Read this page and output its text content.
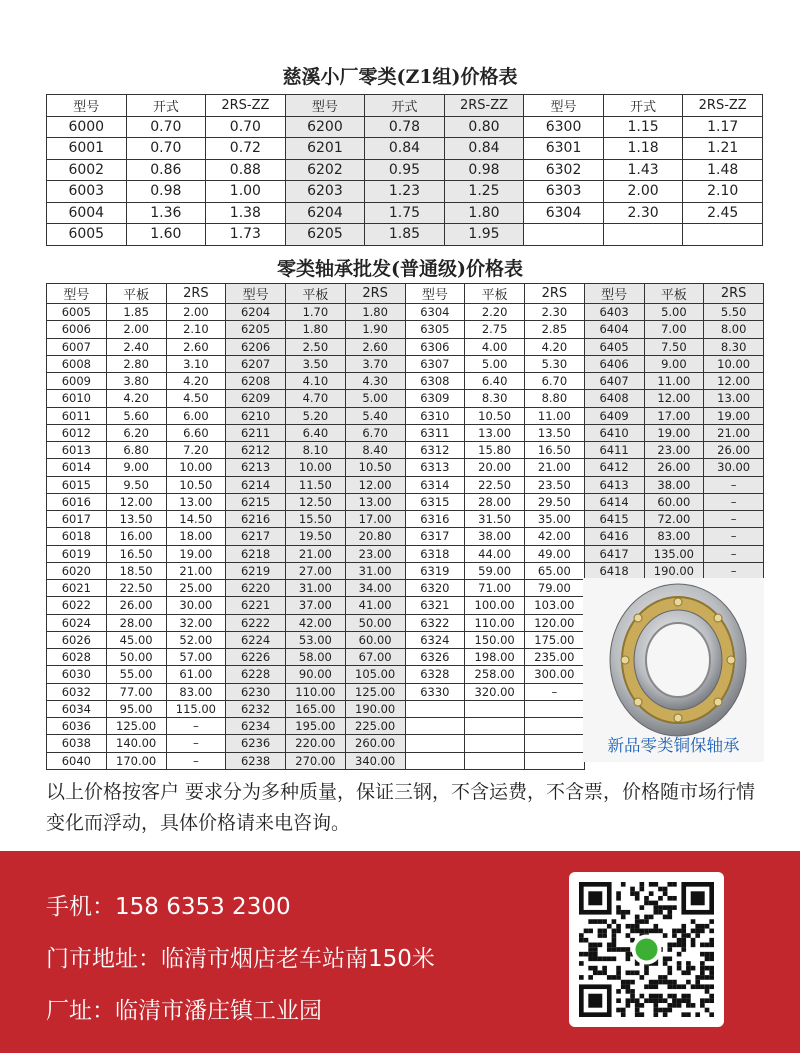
慈溪小厂零类(Z1组)价格表
型号	开式	2RS-ZZ	型号	开式	2RS-ZZ	型号	开式	2RS-ZZ
6000	0.70	0.70	6200	0.78	0.80	6300	1.15	1.17
6001	0.70	0.72	6201	0.84	0.84	6301	1.18	1.21
6002	0.86	0.88	6202	0.95	0.98	6302	1.43	1.48
6003	0.98	1.00	6203	1.23	1.25	6303	2.00	2.10
6004	1.36	1.38	6204	1.75	1.80	6304	2.30	2.45
6005	1.60	1.73	6205	1.85	1.95			
零类轴承批发(普通级)价格表
型号	平板	2RS	型号	平板	2RS	型号	平板	2RS	型号	平板	2RS
6005	1.85	2.00	6204	1.70	1.80	6304	2.20	2.30	6403	5.00	5.50
6006	2.00	2.10	6205	1.80	1.90	6305	2.75	2.85	6404	7.00	8.00
6007	2.40	2.60	6206	2.50	2.60	6306	4.00	4.20	6405	7.50	8.30
6008	2.80	3.10	6207	3.50	3.70	6307	5.00	5.30	6406	9.00	10.00
6009	3.80	4.20	6208	4.10	4.30	6308	6.40	6.70	6407	11.00	12.00
6010	4.20	4.50	6209	4.70	5.00	6309	8.30	8.80	6408	12.00	13.00
6011	5.60	6.00	6210	5.20	5.40	6310	10.50	11.00	6409	17.00	19.00
6012	6.20	6.60	6211	6.40	6.70	6311	13.00	13.50	6410	19.00	21.00
6013	6.80	7.20	6212	8.10	8.40	6312	15.80	16.50	6411	23.00	26.00
6014	9.00	10.00	6213	10.00	10.50	6313	20.00	21.00	6412	26.00	30.00
6015	9.50	10.50	6214	11.50	12.00	6314	22.50	23.50	6413	38.00	–
6016	12.00	13.00	6215	12.50	13.00	6315	28.00	29.50	6414	60.00	–
6017	13.50	14.50	6216	15.50	17.00	6316	31.50	35.00	6415	72.00	–
6018	16.00	18.00	6217	19.50	20.80	6317	38.00	42.00	6416	83.00	–
6019	16.50	19.00	6218	21.00	23.00	6318	44.00	49.00	6417	135.00	–
6020	18.50	21.00	6219	27.00	31.00	6319	59.00	65.00	6418	190.00	–
6021	22.50	25.00	6220	31.00	34.00	6320	71.00	79.00			
6022	26.00	30.00	6221	37.00	41.00	6321	100.00	103.00			
6024	28.00	32.00	6222	42.00	50.00	6322	110.00	120.00			
6026	45.00	52.00	6224	53.00	60.00	6324	150.00	175.00			
6028	50.00	57.00	6226	58.00	67.00	6326	198.00	235.00			
6030	55.00	61.00	6228	90.00	105.00	6328	258.00	300.00			
6032	77.00	83.00	6230	110.00	125.00	6330	320.00	–			
6034	95.00	115.00	6232	165.00	190.00						
6036	125.00	–	6234	195.00	225.00						
6038	140.00	–	6236	220.00	260.00						
6040	170.00	–	6238	270.00	340.00						
新品零类铜保轴承
以上价格按客户 要求分为多种质量，保证三钢，不含运费，不含票，价格随市场行情变化而浮动，具体价格请来电咨询。
手机：158 6353 2300
门市地址：临清市烟店老车站南150米
厂址：临清市潘庄镇工业园
